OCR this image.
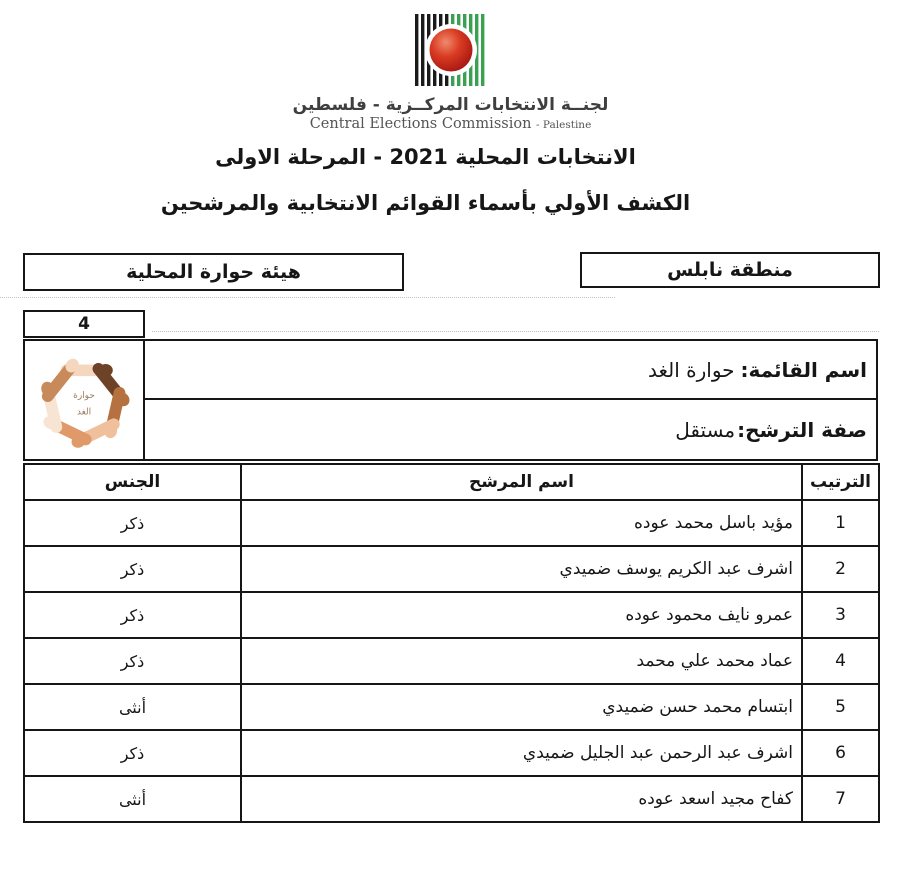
لجنــة الانتخابات المركــزية - فلسطين
Central Elections Commission - Palestine
الانتخابات المحلية 2021 - المرحلة الاولى
الكشف الأولي بأسماء القوائم الانتخابية والمرشحين
منطقة نابلس
هيئة حوارة المحلية
4
حوارة
الغد
اسم القائمة:
حوارة الغد
صفة الترشح:
مستقل
الترتيب	اسم المرشح	الجنس
1	مؤيد باسل محمد عوده	ذكر
2	اشرف عبد الكريم يوسف ضميدي	ذكر
3	عمرو نايف محمود عوده	ذكر
4	عماد محمد علي محمد	ذكر
5	ابتسام محمد حسن ضميدي	أنثى
6	اشرف عبد الرحمن عبد الجليل ضميدي	ذكر
7	كفاح مجيد اسعد عوده	أنثى
